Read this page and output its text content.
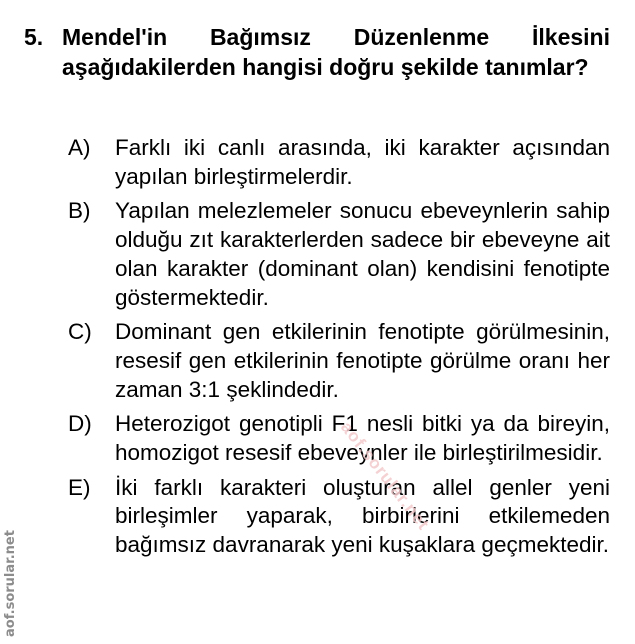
5. Mendel'in Bağımsız Düzenlenme İlkesini aşağıdakilerden hangisi doğru şekilde tanımlar?
A)	Farklı iki canlı arasında, iki karakter açısından yapılan birleştirmelerdir.
B)	Yapılan melezlemeler sonucu ebeveynlerin sahip olduğu zıt karakterlerden sadece bir ebeveyne ait olan karakter (dominant olan) kendisini fenotipte göstermektedir.
C)	Dominant gen etkilerinin fenotipte görülmesinin, resesif gen etkilerinin fenotipte görülme oranı her zaman 3:1 şeklindedir.
D)	Heterozigot genotipli F1 nesli bitki ya da bireyin, homozigot resesif ebeveynler ile birleştirilmesidir.
E)	İki farklı karakteri oluşturan allel genler yeni birleşimler yaparak, birbirlerini etkilemeden bağımsız davranarak yeni kuşaklara geçmektedir.
aof.sorular.net
aof.sorular.net
